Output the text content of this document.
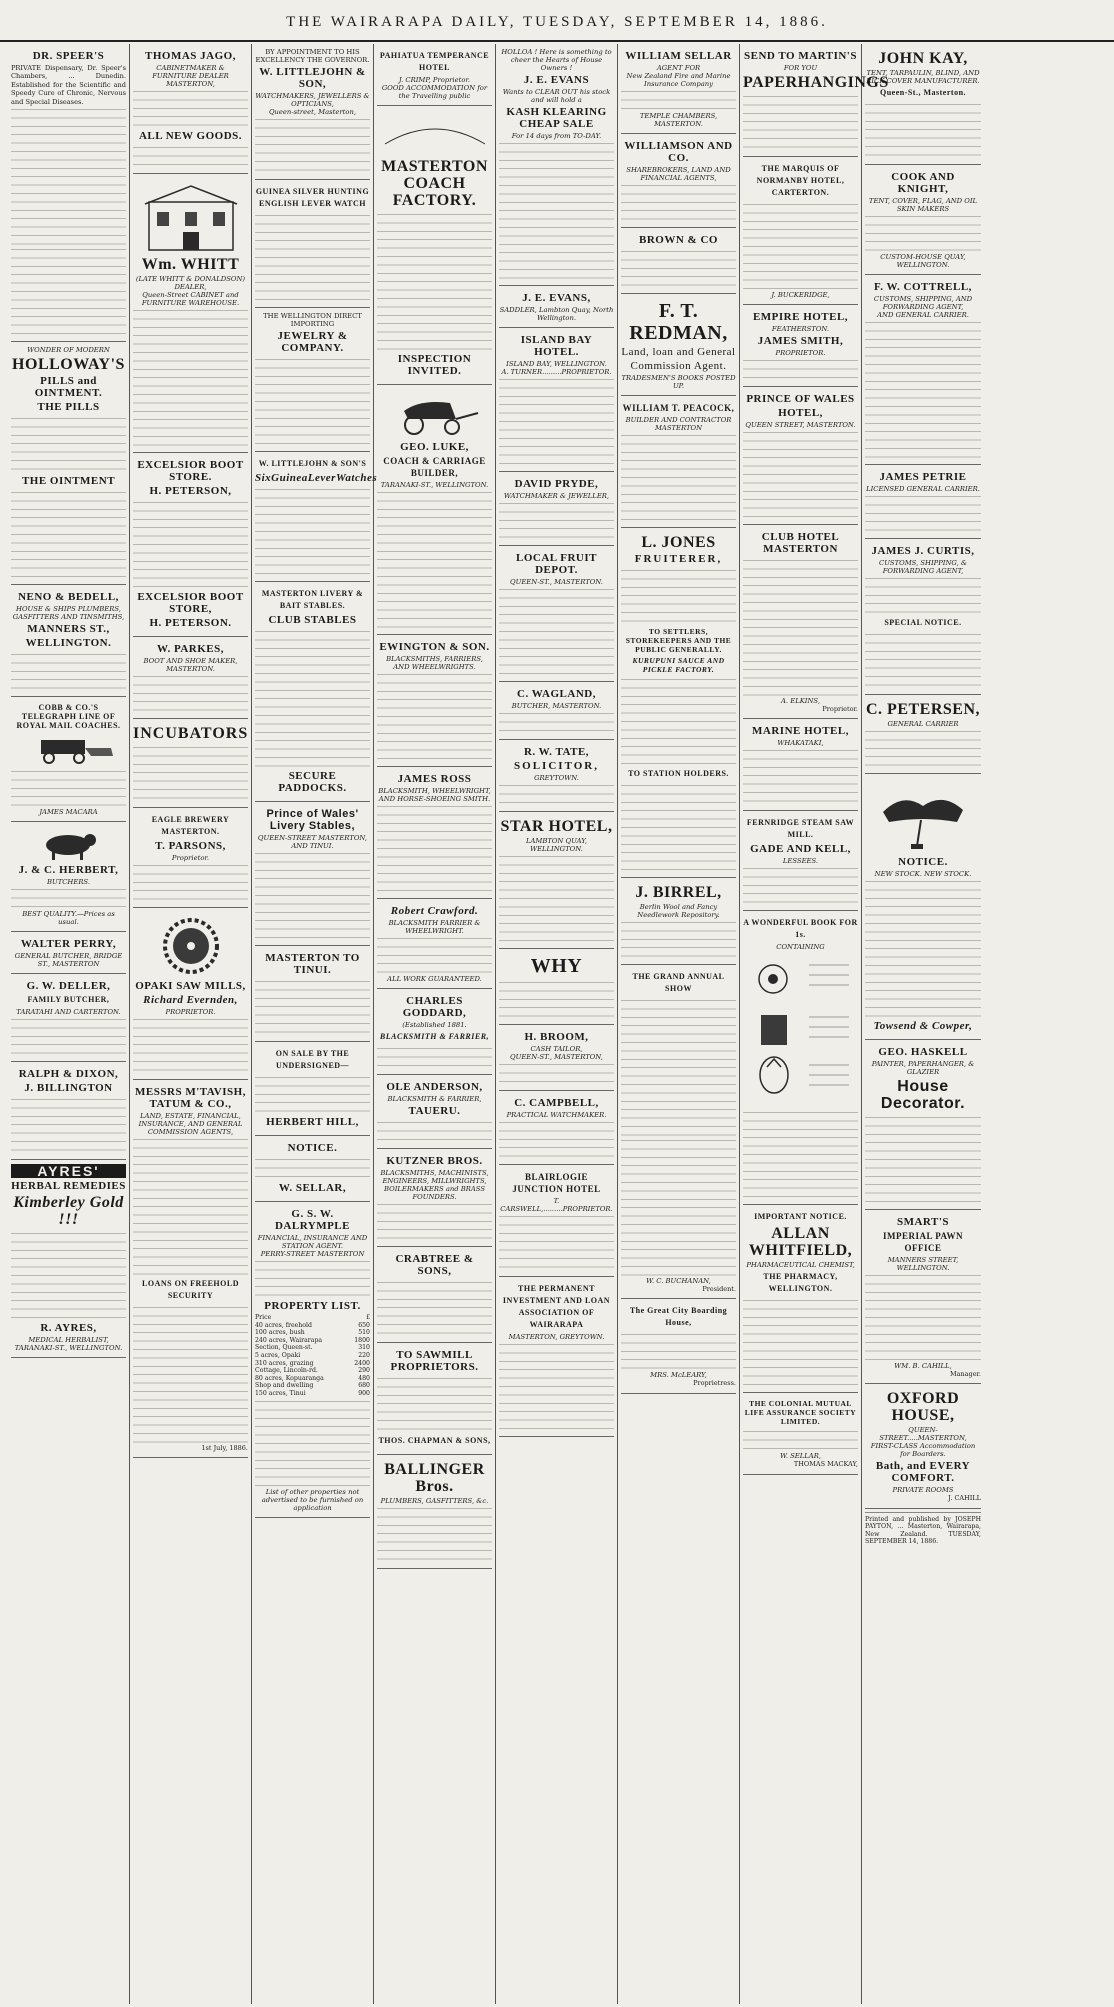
THE WAIRARAPA DAILY, TUESDAY, SEPTEMBER 14, 1886.
DR. SPEER'S
PRIVATE Dispensary, Dr. Speer's Chambers, ... Dunedin. Established for the Scientific and Speedy Cure of Chronic, Nervous and Special Diseases.
WONDER OF MODERN
HOLLOWAY'S
PILLS and OINTMENT.
THE PILLS
THE OINTMENT
NENO & BEDELL,
HOUSE & SHIPS PLUMBERS,
GASFITTERS AND TINSMITHS,
MANNERS ST.,
WELLINGTON.
COBB & CO.'S TELEGRAPH LINE OF ROYAL MAIL COACHES.
JAMES MACARA
J. & C. HERBERT,
BUTCHERS.
BEST QUALITY.—Prices as usual.
WALTER PERRY,
GENERAL BUTCHER, BRIDGE ST., MASTERTON
G. W. DELLER,
FAMILY BUTCHER,
TARATAHI AND CARTERTON.
RALPH & DIXON,
J. BILLINGTON
AYRES'
HERBAL REMEDIES
Kimberley Gold !!!
R. AYRES,
MEDICAL HERBALIST, TARANAKI-ST., WELLINGTON.
THOMAS JAGO,
CABINETMAKER & FURNITURE DEALER
MASTERTON,
ALL NEW GOODS.
Wm. WHITT
(LATE WHITT & DONALDSON) DEALER,
Queen-Street CABINET and FURNITURE WAREHOUSE.
EXCELSIOR BOOT STORE.
H. PETERSON,
EXCELSIOR BOOT STORE,
H. PETERSON.
W. PARKES,
BOOT AND SHOE MAKER, MASTERTON.
INCUBATORS
EAGLE BREWERY MASTERTON.
T. PARSONS,
Proprietor.
OPAKI SAW MILLS,
Richard Evernden,
PROPRIETOR.
MESSRS M'TAVISH, TATUM & CO.,
LAND, ESTATE, FINANCIAL, INSURANCE, AND GENERAL COMMISSION AGENTS,
LOANS ON FREEHOLD SECURITY
1st July, 1886.
BY APPOINTMENT TO HIS EXCELLENCY THE GOVERNOR.
W. LITTLEJOHN & SON,
WATCHMAKERS, JEWELLERS & OPTICIANS,
Queen-street, Masterton,
GUINEA SILVER HUNTING ENGLISH LEVER WATCH
THE WELLINGTON DIRECT IMPORTING
JEWELRY & COMPANY.
W. LITTLEJOHN & SON'S
SixGuineaLeverWatches
MASTERTON LIVERY & BAIT STABLES.
CLUB STABLES
SECURE PADDOCKS.
Prince of Wales' Livery Stables,
QUEEN-STREET MASTERTON, AND TINUI.
MASTERTON TO TINUI.
ON SALE BY THE UNDERSIGNED—
HERBERT HILL,
NOTICE.
W. SELLAR,
G. S. W. DALRYMPLE
FINANCIAL, INSURANCE AND STATION AGENT.
PERRY-STREET MASTERTON
PROPERTY LIST.
Price	£
40 acres, freehold	650
100 acres, bush	510
240 acres, Wairarapa	1800
Section, Queen-st.	310
5 acres, Opaki	220
310 acres, grazing	2400
Cottage, Lincoln-rd.	290
80 acres, Kopuaranga	480
Shop and dwelling	680
150 acres, Tinui	900
List of other properties not advertised to be furnished on application
PAHIATUA TEMPERANCE HOTEL
J. CRIMP, Proprietor.
GOOD ACCOMMODATION for the Travelling public
MASTERTON COACH FACTORY.
INSPECTION INVITED.
GEO. LUKE,
COACH & CARRIAGE BUILDER,
TARANAKI-ST., WELLINGTON.
EWINGTON & SON.
BLACKSMITHS, FARRIERS, AND WHEELWRIGHTS.
JAMES ROSS
BLACKSMITH, WHEELWRIGHT, AND HORSE-SHOEING SMITH.
Robert Crawford.
BLACKSMITH FARRIER & WHEELWRIGHT.
ALL WORK GUARANTEED.
CHARLES GODDARD,
(Established 1881.
BLACKSMITH & FARRIER,
OLE ANDERSON,
BLACKSMITH & FARRIER,
TAUERU.
KUTZNER BROS.
BLACKSMITHS, MACHINISTS, ENGINEERS, MILLWRIGHTS, BOILERMAKERS and BRASS FOUNDERS.
CRABTREE & SONS,
TO SAWMILL PROPRIETORS.
THOS. CHAPMAN & SONS,
BALLINGER Bros.
PLUMBERS, GASFITTERS, &c.
HOLLOA ! Here is something to cheer the Hearts of House Owners !
J. E. EVANS
Wants to CLEAR OUT his stock and will hold a
KASH KLEARING CHEAP SALE
For 14 days from TO-DAY.
J. E. EVANS,
SADDLER, Lambton Quay, North Wellington.
ISLAND BAY HOTEL.
ISLAND BAY, WELLINGTON.
A. TURNER.........PROPRIETOR.
DAVID PRYDE,
WATCHMAKER & JEWELLER,
LOCAL FRUIT DEPOT.
QUEEN-ST., MASTERTON.
C. WAGLAND,
BUTCHER, MASTERTON.
R. W. TATE,
SOLICITOR,
GREYTOWN.
STAR HOTEL,
LAMBTON QUAY, WELLINGTON.
WHY
H. BROOM,
CASH TAILOR,
QUEEN-ST., MASTERTON,
C. CAMPBELL,
PRACTICAL WATCHMAKER.
BLAIRLOGIE JUNCTION HOTEL
T. CARSWELL,.........PROPRIETOR.
THE PERMANENT INVESTMENT AND LOAN ASSOCIATION OF WAIRARAPA
MASTERTON, GREYTOWN.
WILLIAM SELLAR
AGENT FOR
New Zealand Fire and Marine Insurance Company
TEMPLE CHAMBERS, MASTERTON.
WILLIAMSON AND CO.
SHAREBROKERS, LAND AND FINANCIAL AGENTS,
BROWN & CO
F. T. REDMAN,
Land, loan and General
Commission Agent.
TRADESMEN'S BOOKS POSTED UP.
WILLIAM T. PEACOCK,
BUILDER AND CONTRACTOR
MASTERTON
L. JONES
FRUITERER,
TO SETTLERS, STOREKEEPERS AND THE PUBLIC GENERALLY.
KURUPUNI SAUCE AND PICKLE FACTORY.
TO STATION HOLDERS.
J. BIRREL,
Berlin Wool and Fancy Needlework Repository.
THE GRAND ANNUAL SHOW
W. C. BUCHANAN,
President.
The Great City Boarding House,
MRS. McLEARY,
Proprietress.
SEND TO MARTIN'S
FOR YOU
PAPERHANGINGS
THE MARQUIS OF NORMANBY HOTEL, CARTERTON.
J. BUCKERIDGE,
EMPIRE HOTEL,
FEATHERSTON.
JAMES SMITH,
PROPRIETOR.
PRINCE OF WALES
HOTEL,
QUEEN STREET, MASTERTON.
CLUB HOTEL MASTERTON
A. ELKINS,
Proprietor.
MARINE HOTEL,
WHAKATAKI,
FERNRIDGE STEAM SAW MILL.
GADE AND KELL,
LESSEES.
A WONDERFUL BOOK FOR 1s.
CONTAINING
IMPORTANT NOTICE.
ALLAN WHITFIELD,
PHARMACEUTICAL CHEMIST,
THE PHARMACY, WELLINGTON.
THE COLONIAL MUTUAL LIFE ASSURANCE SOCIETY LIMITED.
W. SELLAR,
THOMAS MACKAY,
JOHN KAY,
TENT, TARPAULIN, BLIND, AND RICK COVER MANUFACTURER.
Queen-St., Masterton.
COOK AND KNIGHT,
TENT, COVER, FLAG, AND OIL SKIN MAKERS
CUSTOM-HOUSE QUAY, WELLINGTON.
F. W. COTTRELL,
CUSTOMS, SHIPPING, AND FORWARDING AGENT,
AND GENERAL CARRIER.
JAMES PETRIE
LICENSED GENERAL CARRIER.
JAMES J. CURTIS,
CUSTOMS, SHIPPING, & FORWARDING AGENT,
SPECIAL NOTICE.
C. PETERSEN,
GENERAL CARRIER
NOTICE.
NEW STOCK. NEW STOCK.
Towsend & Cowper,
GEO. HASKELL
PAINTER, PAPERHANGER, & GLAZIER
House Decorator.
SMART'S
IMPERIAL PAWN OFFICE
MANNERS STREET, WELLINGTON.
WM. B. CAHILL,
Manager.
OXFORD HOUSE,
QUEEN-STREET.....MASTERTON,
FIRST-CLASS Accommodation for Boarders.
Bath, and EVERY COMFORT.
PRIVATE ROOMS
J. CAHILL
Printed and published by JOSEPH PAYTON, ... Masterton, Wairarapa, New Zealand. TUESDAY, SEPTEMBER 14, 1886.
